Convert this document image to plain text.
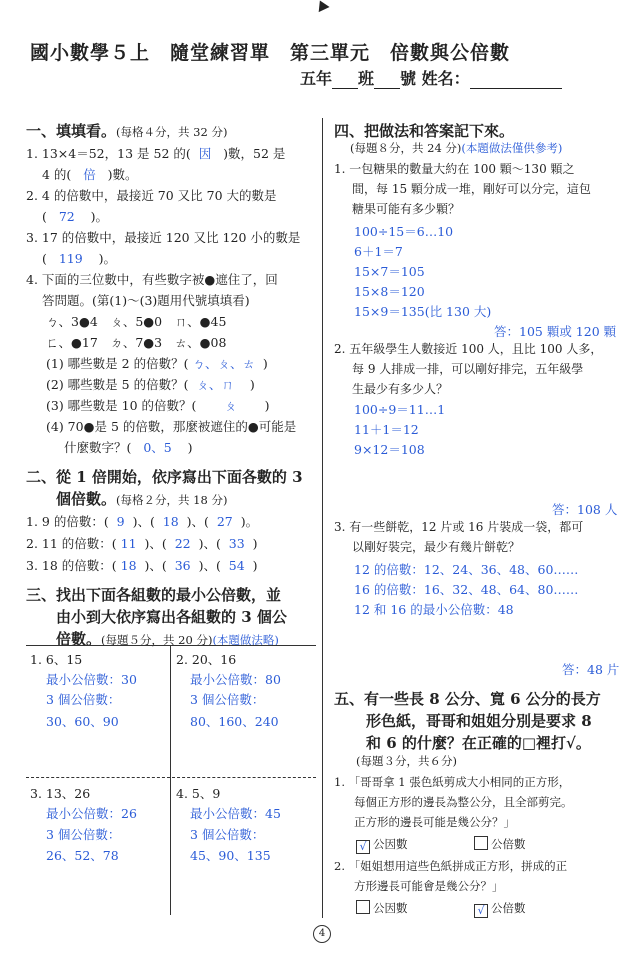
國小數學５上　隨堂練習單　第三單元　倍數與公倍數
五年 班 號 姓名：
一、填填看。(每格４分，共 32 分)
1. 13×4＝52，13 是 52 的( 因 )數，52 是
4 的( 倍 )數。
2. 4 的倍數中，最接近 70 又比 70 大的數是
( 72 )。
3. 17 的倍數中，最接近 120 又比 120 小的數是
( 119 )。
4. 下面的三位數中，有些數字被●遮住了，回
答問題。(第(1)～(3)題用代號填填看)
ㄅ、3●4　ㄆ、5●0　ㄇ、●45
ㄈ、●17　ㄉ、7●3　ㄊ、●08
(1) 哪些數是 2 的倍數？( ㄅ、ㄆ、ㄊ )
(2) 哪些數是 5 的倍數？( ㄆ、ㄇ )
(3) 哪些數是 10 的倍數？( ㄆ )
(4) 70●是 5 的倍數，那麼被遮住的●可能是
什麼數字？( 0、5 )
二、從 1 倍開始，依序寫出下面各數的 3
個倍數。(每格２分，共 18 分)
1. 9 的倍數：( 9 )、( 18 )、( 27 )。
2. 11 的倍數：( 11 )、( 22 )、( 33 )
3. 18 的倍數：( 18 )、( 36 )、( 54 )
三、找出下面各組數的最小公倍數，並
由小到大依序寫出各組數的 3 個公
倍數。(每題５分，共 20 分)(本題做法略)
1. 6、15
最小公倍數：30
3 個公倍數：
30、60、90
2. 20、16
最小公倍數：80
3 個公倍數：
80、160、240
3. 13、26
最小公倍數：26
3 個公倍數：
26、52、78
4. 5、9
最小公倍數：45
3 個公倍數：
45、90、135
四、把做法和答案記下來。
(每題８分，共 24 分)(本題做法僅供參考)
1. 一包糖果的數量大約在 100 顆～130 顆之
間，每 15 顆分成一堆，剛好可以分完，這包
糖果可能有多少顆？
100÷15＝6…10
6＋1＝7
15×7＝105
15×8＝120
15×9＝135(比 130 大)
答：105 顆或 120 顆
2. 五年級學生人數接近 100 人，且比 100 人多，
每 9 人排成一排，可以剛好排完，五年級學
生最少有多少人？
100÷9＝11…1
11＋1＝12
9×12＝108
答：108 人
3. 有一些餅乾，12 片或 16 片裝成一袋，都可
以剛好裝完，最少有幾片餅乾？
12 的倍數：12、24、36、48、60……
16 的倍數：16、32、48、64、80……
12 和 16 的最小公倍數：48
答：48 片
五、有一些長 8 公分、寬 6 公分的長方
形色紙，哥哥和姐姐分別是要求 8
和 6 的什麼？在正確的□裡打√。
(每題３分，共６分)
1. 「哥哥拿 1 張色紙剪成大小相同的正方形，
每個正方形的邊長為整公分，且全部剪完。
正方形的邊長可能是幾公分？」
√ 公因數	公倍數
2. 「姐姐想用這些色紙拼成正方形，拼成的正
方形邊長可能會是幾公分？」
公因數	√ 公倍數
4
